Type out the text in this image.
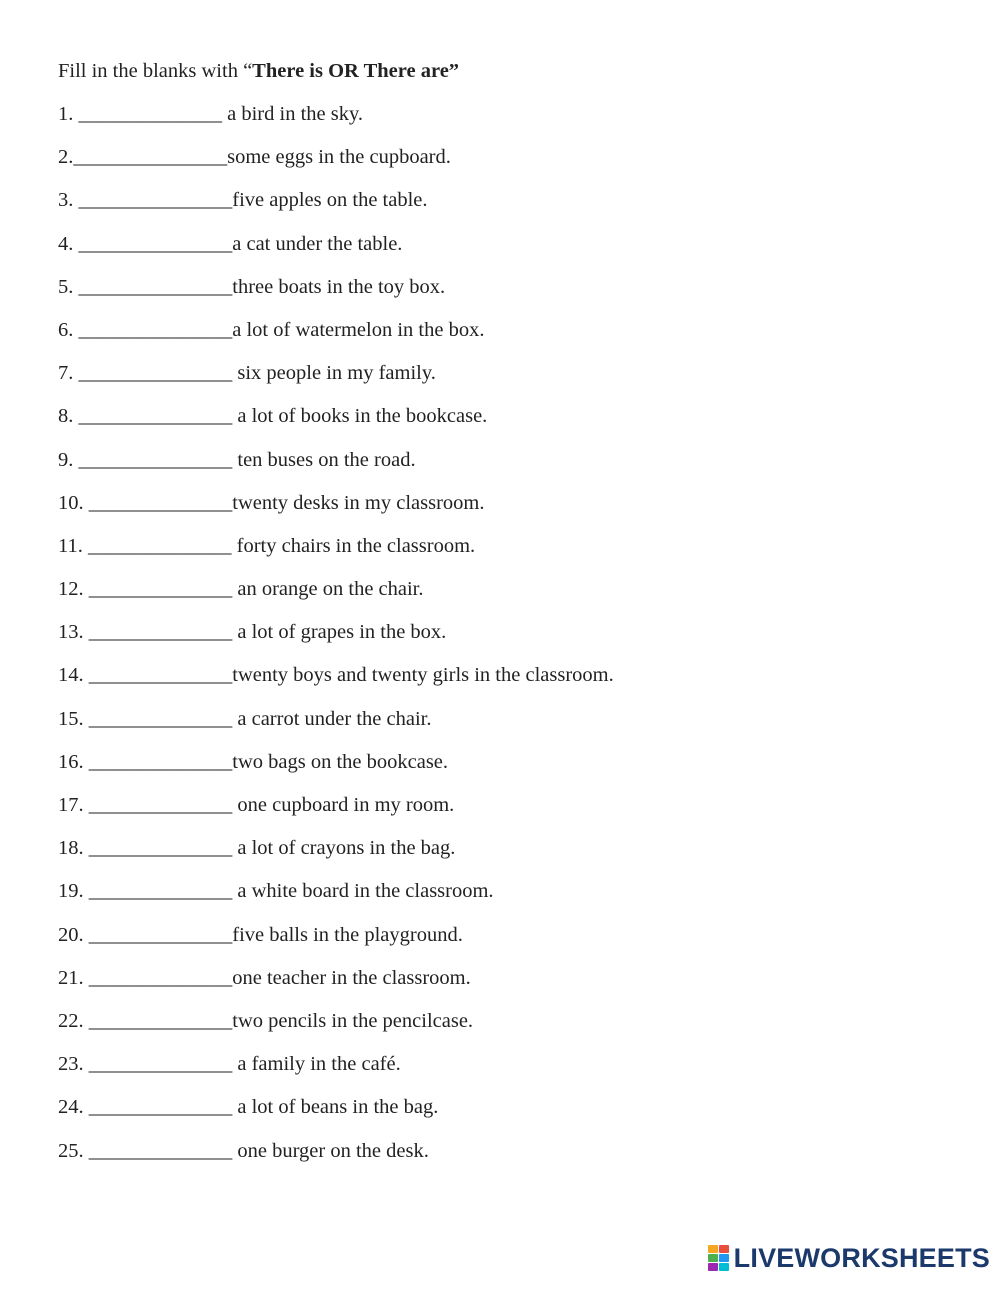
Fill in the blanks with “There is OR There are”

1. ______________ a bird in the sky.
2. _______________ some eggs in the cupboard.
3. _______________ five apples on the table.
4. _______________ a cat under the table.
5. _______________ three boats in the toy box.
6. _______________ a lot of watermelon in the box.
7. _______________ six people in my family.
8. _______________ a lot of books in the bookcase.
9. _______________ ten buses on the road.
10. ______________ twenty desks in my classroom.
11. ______________ forty chairs in the classroom.
12. ______________ an orange on the chair.
13. ______________ a lot of grapes in the box.
14. ______________ twenty boys and twenty girls in the classroom.
15. ______________ a carrot under the chair.
16. ______________ two bags on the bookcase.
17. ______________ one cupboard in my room.
18. ______________ a lot of crayons in the bag.
19. ______________ a white board in the classroom.
20. ______________ five balls in the playground.
21. ______________ one teacher in the classroom.
22. ______________ two pencils in the pencilcase.
23. ______________ a family in the café.
24. ______________ a lot of beans in the bag.
25. ______________ one burger on the desk.
LIVEWORKSHEETS
